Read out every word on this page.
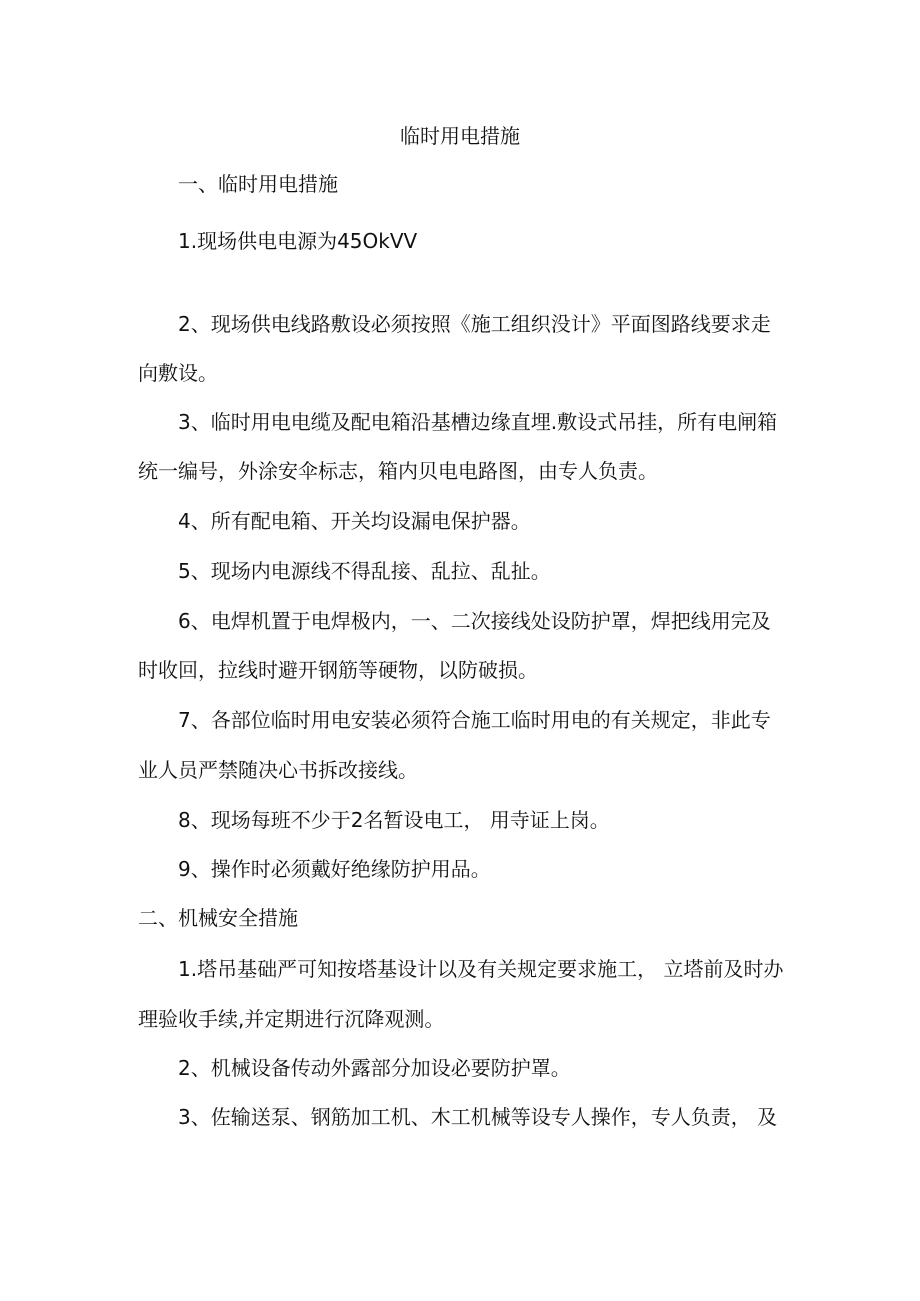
临时用电措施
一、临时用电措施
1.现场供电电源为45OkVV
2、现场供电线路敷设必须按照《施工组织没计》平面图路线要求走
向敷设。
3、临时用电电缆及配电箱沿基槽边缘直埋.敷设式吊挂，所有电闸箱
统一编号，外涂安伞标志，箱内贝电电路图，由专人负责。
4、所有配电箱、开关均设漏电保护器。
5、现场内电源线不得乱接、乱拉、乱扯。
6、电焊机置于电焊极内，一、二次接线处设防护罩，焊把线用完及
时收回，拉线时避开钢筋等硬物，以防破损。
7、各部位临时用电安装必须符合施工临时用电的有关规定，非此专
业人员严禁随决心书拆改接线。
8、现场每班不少于2名暂设电工， 用寺证上岗。
9、操作时必须戴好绝缘防护用品。
二、机械安全措施
1.塔吊基础严可知按塔基设计以及有关规定要求施工， 立塔前及时办
理验收手续,并定期进行沉降观测。
2、机械设备传动外露部分加设必要防护罩。
3、佐输送泵、钢筋加工机、木工机械等设专人操作，专人负责， 及
